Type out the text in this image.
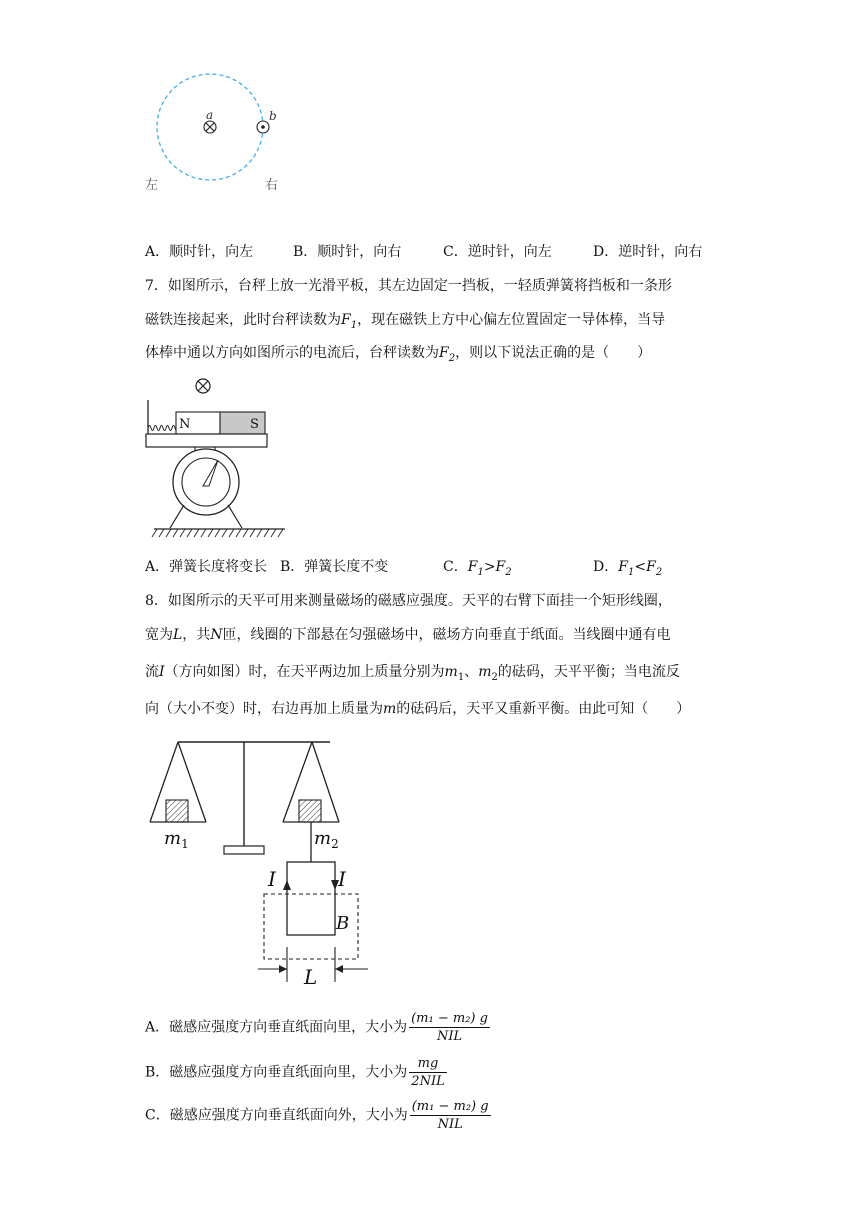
a	b
左	右
A．顺时针，向左	B．顺时针，向右	C．逆时针，向左	D．逆时针，向右
7．如图所示，台秤上放一光滑平板，其左边固定一挡板，一轻质弹簧将挡板和一条形
磁铁连接起来，此时台秤读数为$F_1$，现在磁铁上方中心偏左位置固定一导体棒，当导
体棒中通以方向如图所示的电流后，台秤读数为$F_2$，则以下说法正确的是（　　）
N	S
A．弹簧长度将变长 B．弹簧长度不变	C．$F_1>F_2$	D．$F_1<F_2$
8．如图所示的天平可用来测量磁场的磁感应强度。天平的右臂下面挂一个矩形线圈，
宽为L，共N匝，线圈的下部悬在匀强磁场中，磁场方向垂直于纸面。当线圈中通有电
流I（方向如图）时，在天平两边加上质量分别为$m_1$、$m_2$的砝码，天平平衡；当电流反
向（大小不变）时，右边再加上质量为m的砝码后，天平又重新平衡。由此可知（　　）
$m_1$	$m_2$
I	I
B
L
A．磁感应强度方向垂直纸面向里，大小为 $\frac{\text{(m₁ − m₂) g}}{\text{NIL}}$
B．磁感应强度方向垂直纸面向里，大小为 $\frac{mg}{\text{2NIL}}$
C．磁感应强度方向垂直纸面向外，大小为 $\frac{\text{(m₁ − m₂) g}}{\text{NIL}}$
